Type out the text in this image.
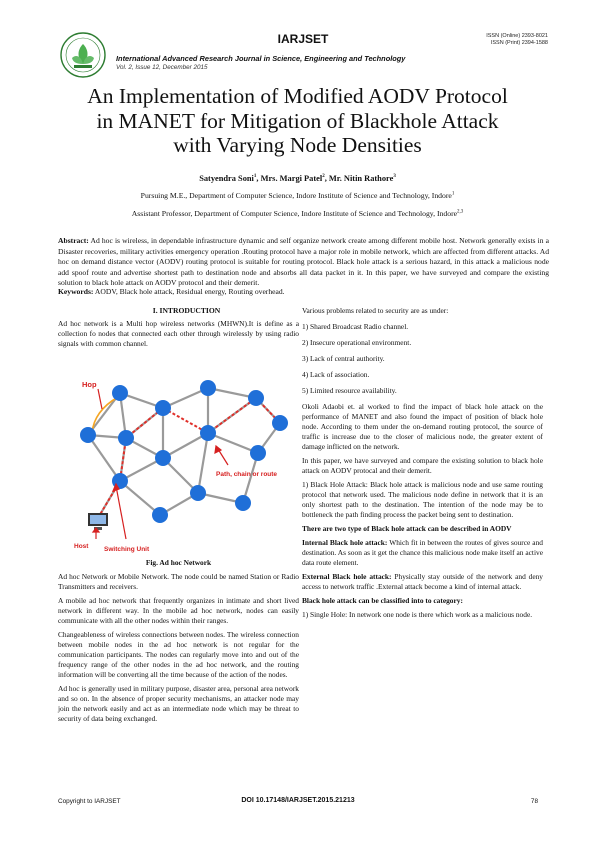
IARJSET	ISSN (Online) 2393-8021
ISSN (Print) 2394-1588
International Advanced Research Journal in Science, Engineering and Technology
Vol. 2, Issue 12, December 2015
An Implementation of Modified AODV Protocol
in MANET for Mitigation of Blackhole Attack
with Varying Node Densities
Satyendra Soni$^1$, Mrs. Margi Patel$^2$, Mr. Nitin Rathore$^3$
Pursuing M.E., Department of Computer Science, Indore Institute of Science and Technology, Indore$^1$
Assistant Professor, Department of Computer Science, Indore Institute of Science and Technology, Indore$^{2,3}$
Abstract: Ad hoc is wireless, in dependable infrastructure dynamic and self organize network create among different mobile host. Network generally exists in a Disaster recoveries, military activities emergency operation .Routing protocol have a major role in mobile network, which are affected from different attacks. Ad hoc on demand distance vector (AODV) routing protocol is suitable for routing protocol. Black hole attack is a serious hazard, in this attack a malicious node add spoof route and advertise shortest path to destination node and absorbs all data packet in it. In this paper, we have surveyed and compare the existing solution to black hole attack on AODV protocol and their demerit.
Keywords: AODV, Black hole attack, Residual energy, Routing overhead.
I. INTRODUCTION
Ad hoc network is a Multi hop wireless networks (MHWN).It is define as a collection fo nodes that connected each other through wirelessly by using radio signals with common channel.
Hop
Host Switching Unit
Path, chain or route
Fig. Ad hoc Network
Ad hoc Network or Mobile Network. The node could be named Station or Radio Transmitters and receivers.
A mobile ad hoc network that frequently organizes in intimate and short lived network in different way. In the mobile ad hoc network, nodes can easily communicate with all the other nodes within their ranges.
Changeableness of wireless connections between nodes. The wireless connection between mobile nodes in the ad hoc network is not regular for the communication participants. The nodes can regularly move into and out of the frequency range of the other nodes in the ad hoc network, and the routing information will be converting all the time because of the action of the nodes.
Ad hoc is generally used in military purpose, disaster area, personal area network and so on. In the absence of proper security mechanisms, an attacker node may join the network easily and act as an intermediate node which may be threat to security of data being exchanged.
Various problems related to security are as under:
1) Shared Broadcast Radio channel.
2) Insecure operational environment.
3) Lack of central authority.
4) Lack of association.
5) Limited resource availability.
Okoli Adaobi et. al worked to find the impact of black hole attack on the performance of MANET and also found the impact of position of black hole node. According to them under the on-demand routing protocol, the source of traffic is increase due to the closer of malicious node, the greater extent of damage inflicted on the network.
In this paper, we have surveyed and compare the existing solution to black hole attack on AODV protocal and their demerit.
1) Black Hole Attack: Black hole attack is malicious node and use same routing protocol that network used. The malicious node define in network that it is an only shortest path to the destination. The intention of the node may be to bottleneck the path finding process the packet being sent to destination.
There are two type of Black hole attack can be described in AODV
Internal Black hole attack: Which fit in between the routes of gives source and destination. As soon as it get the chance this malicious node make itself an active data route element.
External Black hole attack: Physically stay outside of the network and deny access to network traffic .External attack become a kind of internal attack.
Black hole attack can be classified into to category:
1) Single Hole: In network one node is there which work as a malicious node.
Copyright to IARJSET	DOI 10.17148/IARJSET.2015.21213	78
